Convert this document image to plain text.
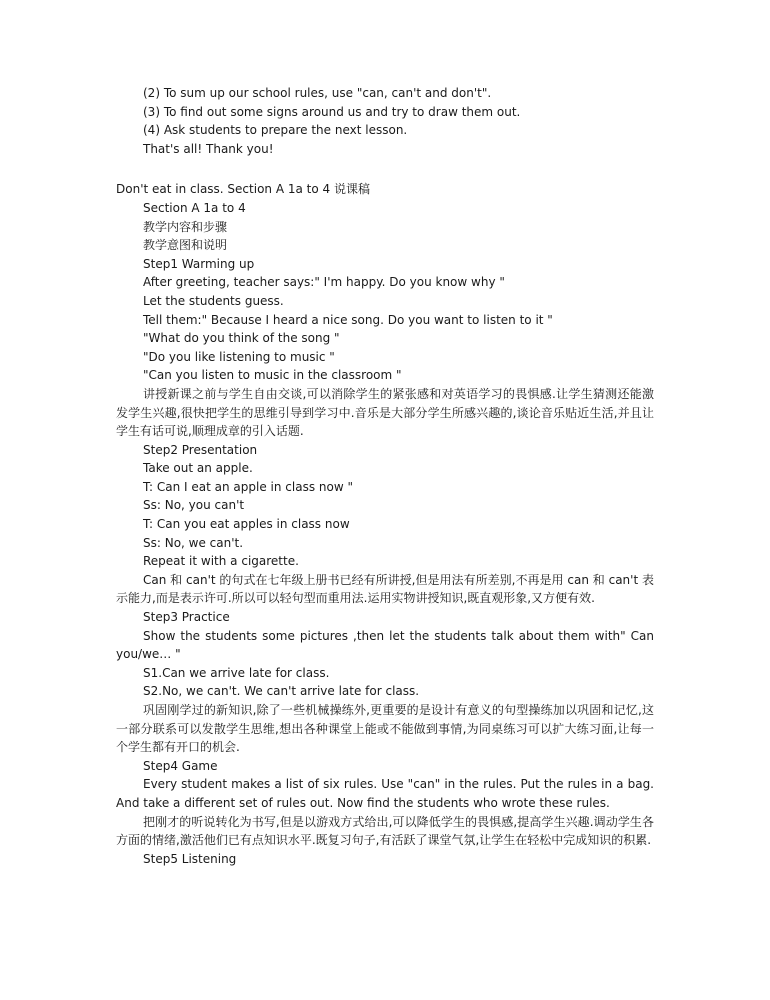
(2) To sum up our school rules, use "can, can't and don't".

(3) To find out some signs around us and try to draw them out.

(4) Ask students to prepare the next lesson.

That's all! Thank you!

Don't eat in class. Section A 1a to 4 说课稿

Section A 1a to 4

教学内容和步骤

教学意图和说明

Step1 Warming up

After greeting, teacher says:" I'm happy. Do you know why "

Let the students guess.

Tell them:" Because I heard a nice song. Do you want to listen to it "

"What do you think of the song "

"Do you like listening to music "

"Can you listen to music in the classroom "

讲授新课之前与学生自由交谈,可以消除学生的紧张感和对英语学习的畏惧感.让学生猜测还能激发学生兴趣,很快把学生的思维引导到学习中.音乐是大部分学生所感兴趣的,谈论音乐贴近生活,并且让学生有话可说,顺理成章的引入话题.

Step2 Presentation

Take out an apple.

T: Can I eat an apple in class now "

Ss: No, you can't

T: Can you eat apples in class now

Ss: No, we can't.

Repeat it with a cigarette.

Can 和 can't 的句式在七年级上册书已经有所讲授,但是用法有所差别,不再是用 can 和 can't 表示能力,而是表示许可.所以可以轻句型而重用法.运用实物讲授知识,既直观形象,又方便有效.

Step3 Practice

Show the students some pictures ,then let the students talk about them with" Can you/we… "

S1.Can we arrive late for class.

S2.No, we can't. We can't arrive late for class.

巩固刚学过的新知识,除了一些机械操练外,更重要的是设计有意义的句型操练加以巩固和记忆,这一部分联系可以发散学生思维,想出各种课堂上能或不能做到事情,为同桌练习可以扩大练习面,让每一个学生都有开口的机会.

Step4 Game

Every student makes a list of six rules. Use "can" in the rules. Put the rules in a bag. And take a different set of rules out. Now find the students who wrote these rules.

把刚才的听说转化为书写,但是以游戏方式给出,可以降低学生的畏惧感,提高学生兴趣.调动学生各方面的情绪,激活他们已有点知识水平.既复习句子,有活跃了课堂气氛,让学生在轻松中完成知识的积累.

Step5 Listening
